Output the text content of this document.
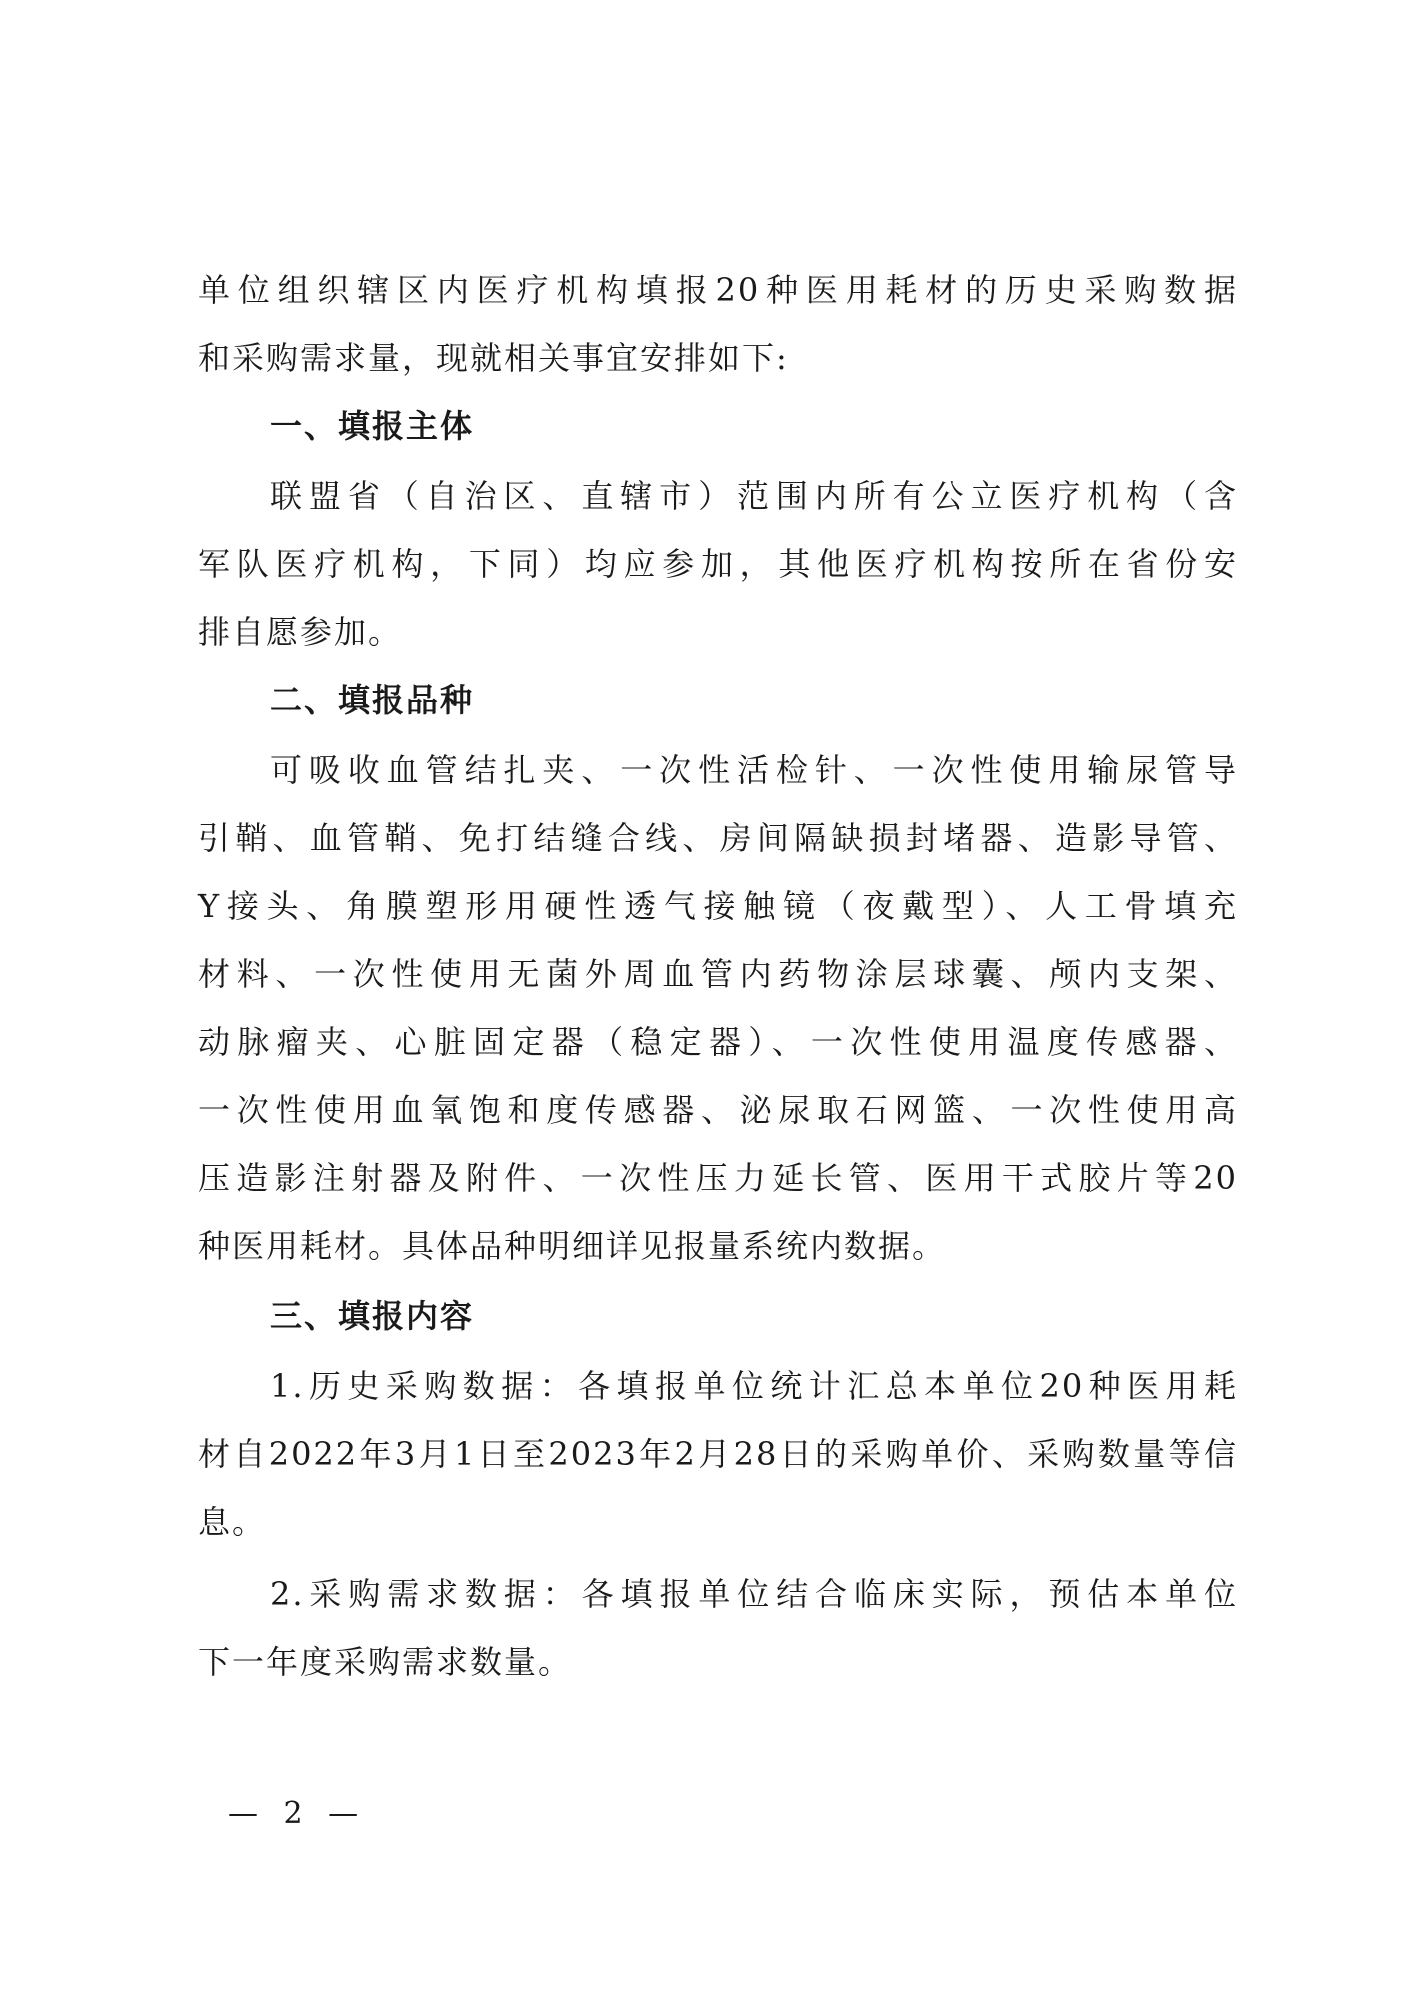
单位组织辖区内医疗机构填报20种医用耗材的历史采购数据
和采购需求量，现就相关事宜安排如下:
一、填报主体
联盟省（自治区、直辖市）范围内所有公立医疗机构（含
军队医疗机构，下同）均应参加，其他医疗机构按所在省份安
排自愿参加。
二、填报品种
可吸收血管结扎夹、一次性活检针、一次性使用输尿管导
引鞘、血管鞘、免打结缝合线、房间隔缺损封堵器、造影导管、
Y接头、角膜塑形用硬性透气接触镜（夜戴型）、人工骨填充
材料、一次性使用无菌外周血管内药物涂层球囊、颅内支架、
动脉瘤夹、心脏固定器（稳定器）、一次性使用温度传感器、
一次性使用血氧饱和度传感器、泌尿取石网篮、一次性使用高
压造影注射器及附件、一次性压力延长管、医用干式胶片等20
种医用耗材。具体品种明细详见报量系统内数据。
三、填报内容
1.历史采购数据：各填报单位统计汇总本单位20种医用耗
材自2022年3月1日至2023年2月28日的采购单价、采购数量等信
息。
2.采购需求数据：各填报单位结合临床实际，预估本单位
下一年度采购需求数量。
— 2 —
